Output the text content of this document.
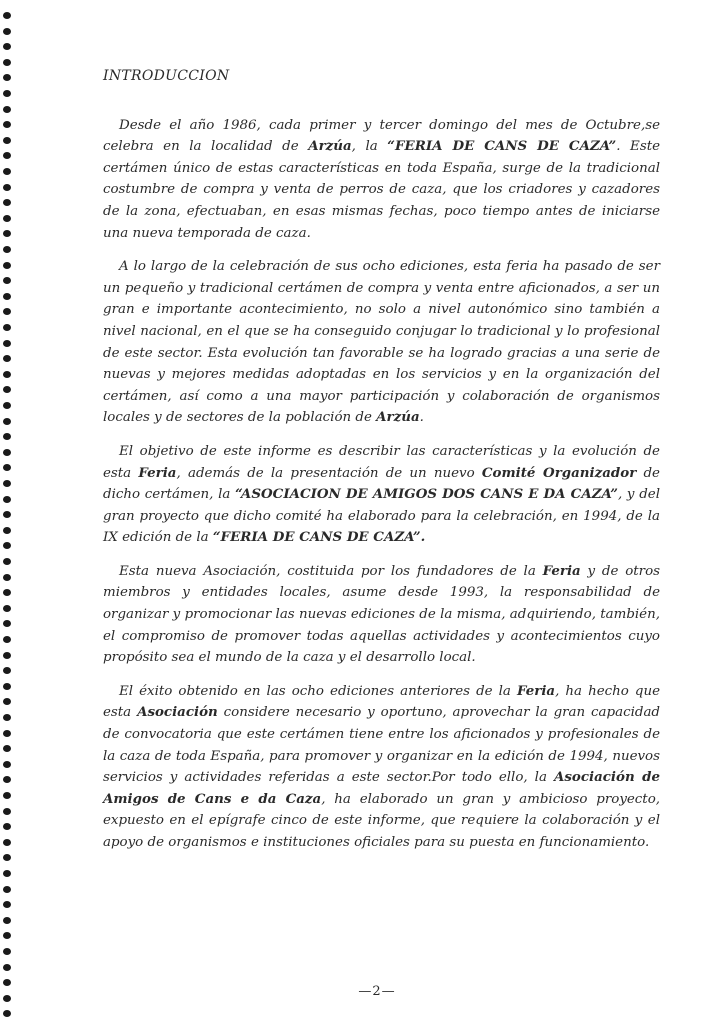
INTRODUCCION

Desde el año 1986, cada primer y tercer domingo del mes de Octubre,se celebra en la localidad de Arzúa, la “FERIA DE CANS DE CAZA”. Este certámen único de estas características en toda España, surge de la tradicional costumbre de compra y venta de perros de caza, que los criadores y cazadores de la zona, efectuaban, en esas mismas fechas, poco tiempo antes de iniciarse una nueva temporada de caza.

A lo largo de la celebración de sus ocho ediciones, esta feria ha pasado de ser un pequeño y tradicional certámen de compra y venta entre aficionados, a ser un gran e importante acontecimiento, no solo a nivel autonómico sino también a nivel nacional, en el que se ha conseguido conjugar lo tradicional y lo profesional de este sector. Esta evolución tan favorable se ha logrado gracias a una serie de nuevas y mejores medidas adoptadas en los servicios y en la organización del certámen, así como a una mayor participación y colaboración de organismos locales y de sectores de la población de Arzúa.

El objetivo de este informe es describir las características y la evolución de esta Feria, además de la presentación de un nuevo Comité Organizador de dicho certámen, la “ASOCIACION DE AMIGOS DOS CANS E DA CAZA”, y del gran proyecto que dicho comité ha elaborado para la celebración, en 1994, de la IX edición de la “FERIA DE CANS DE CAZA”.

Esta nueva Asociación, costituida por los fundadores de la Feria y de otros miembros y entidades locales, asume desde 1993, la responsabilidad de organizar y promocionar las nuevas ediciones de la misma, adquiriendo, también, el compromiso de promover todas aquellas actividades y acontecimientos cuyo propósito sea el mundo de la caza y el desarrollo local.

El éxito obtenido en las ocho ediciones anteriores de la Feria, ha hecho que esta Asociación considere necesario y oportuno, aprovechar la gran capacidad de convocatoria que este certámen tiene entre los aficionados y profesionales de la caza de toda España, para promover y organizar en la edición de 1994, nuevos servicios y actividades referidas a este sector.Por todo ello, la Asociación de Amigos de Cans e da Caza, ha elaborado un gran y ambicioso proyecto, expuesto en el epígrafe cinco de este informe, que requiere la colaboración y el apoyo de organismos e instituciones oficiales para su puesta en funcionamiento.

—2—
